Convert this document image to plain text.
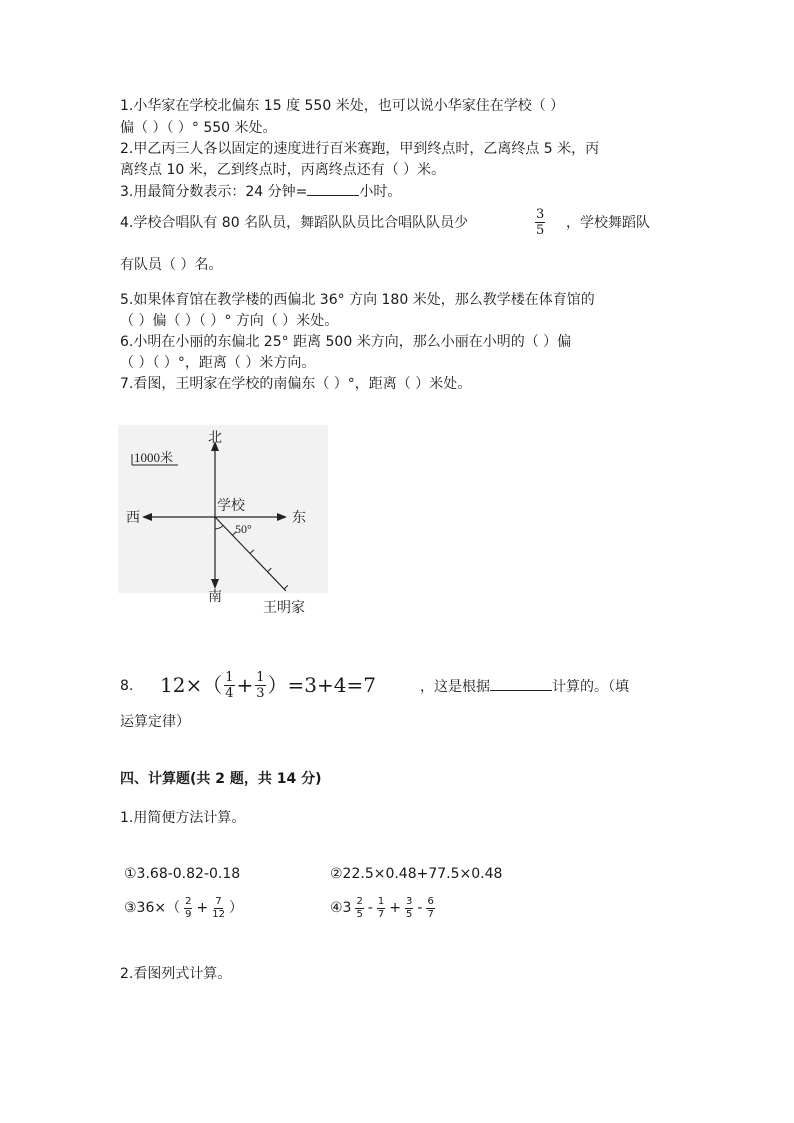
1.小华家在学校北偏东 15 度 550 米处，也可以说小华家住在学校（ ）
偏（ ）（ ）° 550 米处。
2.甲乙丙三人各以固定的速度进行百米赛跑，甲到终点时，乙离终点 5 米，丙
离终点 10 米，乙到终点时，丙离终点还有（ ）米。
3.用最简分数表示：24 分钟=	小时。
4.学校合唱队有 80 名队员，舞蹈队队员比合唱队队员少	$\frac{3}{5}$ ，学校舞蹈队
有队员（ ）名。
5.如果体育馆在教学楼的西偏北 36° 方向 180 米处，那么教学楼在体育馆的
（ ）偏（ ）（ ）° 方向（ ）米处。
6.小明在小丽的东偏北 25° 距离 500 米方向，那么小丽在小明的（ ）偏
（ ）（ ）°，距离（ ）米方向。
7.看图，王明家在学校的南偏东（ ）°，距离（ ）米处。
北
南
西	东
学校
50°
1000米
王明家
8. $12\times( \frac{1}{4} + \frac{1}{3} )=3+4=7$	，这是根据	计算的。（填
运算定律）
四、计算题(共 2 题，共 14 分)
1.用简便方法计算。
①3.68-0.82-0.18	②22.5×0.48+77.5×0.48
③36×（ $\frac{2}{9} + \frac{7}{12}$ ）	④3 $\frac{2}{5} - \frac{1}{7} + \frac{3}{5} - \frac{6}{7}$
2.看图列式计算。
